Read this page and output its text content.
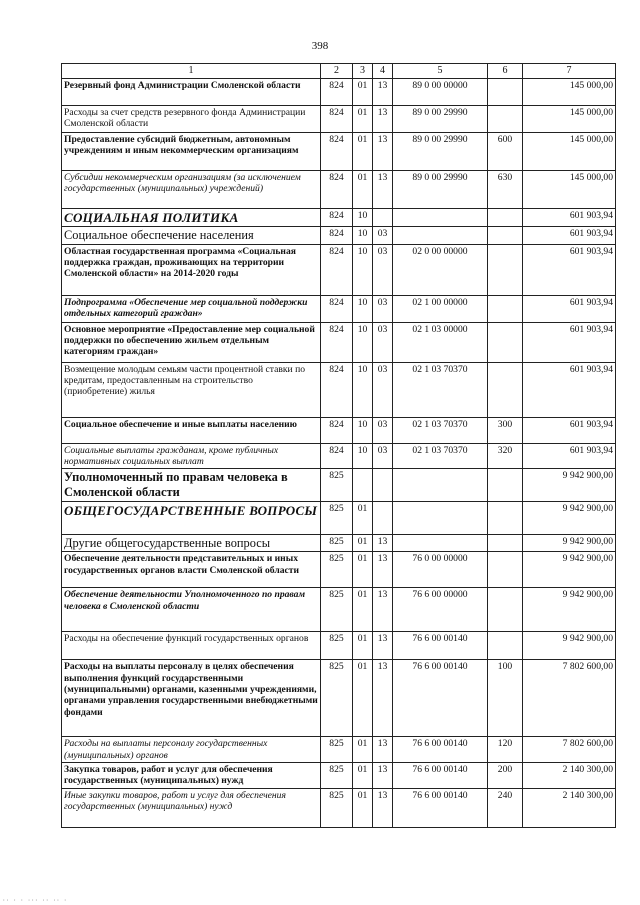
398
1	2	3	4	5	6	7
Резервный фонд Администрации Смоленской области	824	01	13	89 0 00 00000		145 000,00
Расходы за счет средств резервного фонда Администрации Смоленской области	824	01	13	89 0 00 29990		145 000,00
Предоставление субсидий бюджетным, автономным учреждениям и иным некоммерческим организациям	824	01	13	89 0 00 29990	600	145 000,00
Субсидии некоммерческим организациям (за исключением государственных (муниципальных) учреждений)	824	01	13	89 0 00 29990	630	145 000,00
СОЦИАЛЬНАЯ ПОЛИТИКА	824	10				601 903,94
Социальное обеспечение населения	824	10	03			601 903,94
Областная государственная программа «Социальная поддержка граждан, проживающих на территории Смоленской области» на 2014-2020 годы	824	10	03	02 0 00 00000		601 903,94
Подпрограмма «Обеспечение мер социальной поддержки отдельных категорий граждан»	824	10	03	02 1 00 00000		601 903,94
Основное мероприятие «Предоставление мер социальной поддержки по обеспечению жильем отдельным категориям граждан»	824	10	03	02 1 03 00000		601 903,94
Возмещение молодым семьям части процентной ставки по кредитам, предоставленным на строительство (приобретение) жилья	824	10	03	02 1 03 70370		601 903,94
Социальное обеспечение и иные выплаты населению	824	10	03	02 1 03 70370	300	601 903,94
Социальные выплаты гражданам, кроме публичных нормативных социальных выплат	824	10	03	02 1 03 70370	320	601 903,94
Уполномоченный по правам человека в Смоленской области	825					9 942 900,00
ОБЩЕГОСУДАРСТВЕННЫЕ ВОПРОСЫ	825	01				9 942 900,00
Другие общегосударственные вопросы	825	01	13			9 942 900,00
Обеспечение деятельности представительных и иных государственных органов власти Смоленской области	825	01	13	76 0 00 00000		9 942 900,00
Обеспечение деятельности Уполномоченного по правам человека в Смоленской области	825	01	13	76 6 00 00000		9 942 900,00
Расходы на обеспечение функций государственных органов	825	01	13	76 6 00 00140		9 942 900,00
Расходы на выплаты персоналу в целях обеспечения выполнения функций государственными (муниципальными) органами, казенными учреждениями, органами управления государственными внебюджетными фондами	825	01	13	76 6 00 00140	100	7 802 600,00
Расходы на выплаты персоналу государственных (муниципальных) органов	825	01	13	76 6 00 00140	120	7 802 600,00
Закупка товаров, работ и услуг для обеспечения государственных (муниципальных) нужд	825	01	13	76 6 00 00140	200	2 140 300,00
Иные закупки товаров, работ и услуг для обеспечения государственных (муниципальных) нужд	825	01	13	76 6 00 00140	240	2 140 300,00
·· · · ··· ·· ·· ·
